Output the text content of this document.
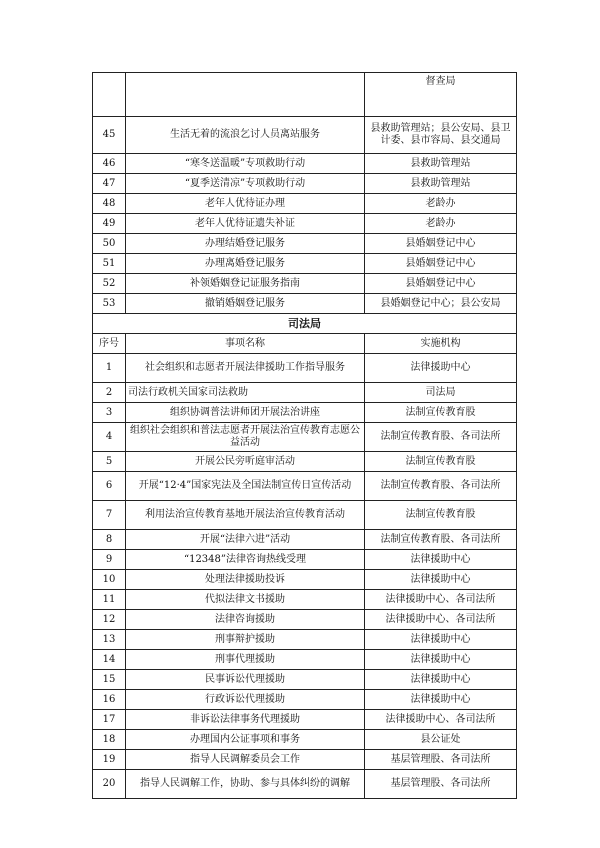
		督查局
45	生活无着的流浪乞讨人员离站服务	县救助管理站；县公安局、县卫计委、县市容局、县交通局
46	“寒冬送温暖”专项救助行动	县救助管理站
47	“夏季送清凉”专项救助行动	县救助管理站
48	老年人优待证办理	老龄办
49	老年人优待证遗失补证	老龄办
50	办理结婚登记服务	县婚姻登记中心
51	办理离婚登记服务	县婚姻登记中心
52	补领婚姻登记证服务指南	县婚姻登记中心
53	撤销婚姻登记服务	县婚姻登记中心；县公安局
司法局		
序号	事项名称	实施机构
1	社会组织和志愿者开展法律援助工作指导服务	法律援助中心
2	司法行政机关国家司法救助	司法局
3	组织协调普法讲师团开展法治讲座	法制宣传教育股
4	组织社会组织和普法志愿者开展法治宣传教育志愿公益活动	法制宣传教育股、各司法所
5	开展公民旁听庭审活动	法制宣传教育股
6	开展“12·4”国家宪法及全国法制宣传日宣传活动	法制宣传教育股、各司法所
7	利用法治宣传教育基地开展法治宣传教育活动	法制宣传教育股
8	开展“法律六进”活动	法制宣传教育股、各司法所
9	“12348”法律咨询热线受理	法律援助中心
10	处理法律援助投诉	法律援助中心
11	代拟法律文书援助	法律援助中心、各司法所
12	法律咨询援助	法律援助中心、各司法所
13	刑事辩护援助	法律援助中心
14	刑事代理援助	法律援助中心
15	民事诉讼代理援助	法律援助中心
16	行政诉讼代理援助	法律援助中心
17	非诉讼法律事务代理援助	法律援助中心、各司法所
18	办理国内公证事项和事务	县公证处
19	指导人民调解委员会工作	基层管理股、各司法所
20	指导人民调解工作，协助、参与具体纠纷的调解	基层管理股、各司法所
